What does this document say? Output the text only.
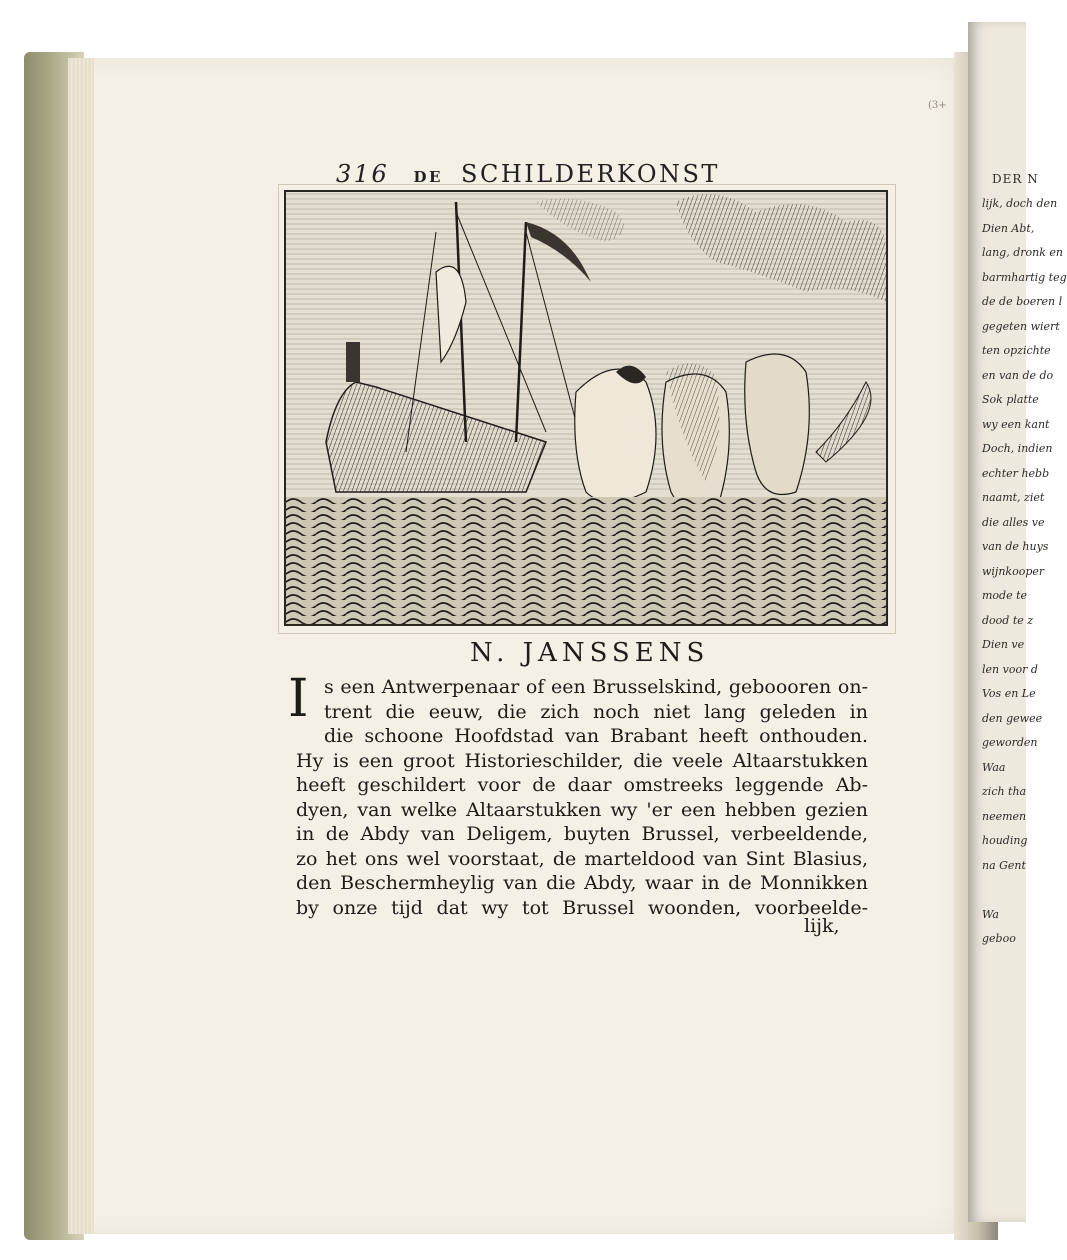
DER N
lijk, doch den
Dien Abt,
lang, dronk en
barmhartig teg
de de boeren l
gegeten wiert
ten opzichte
en van de do
Sok platte
wy een kant
Doch, indien
echter hebb
naamt, ziet
die alles ve
van de huys
wijnkooper
mode te
dood te z
Dien ve
len voor d
Vos en Le
den gewee
geworden
Waa
zich tha
neemen
houding
na Gent
Wa
geboo
(3+
316 DE SCHILDERKONST
N. JANSSENS
I s een Antwerpenaar of een Brusselskind, geboooren on-
trent die eeuw, die zich noch niet lang geleden in
die schoone Hoofdstad van Brabant heeft onthouden.
Hy is een groot Historieschilder, die veele Altaarstukken
heeft geschildert voor de daar omstreeks leggende Ab-
dyen, van welke Altaarstukken wy 'er een hebben gezien
in de Abdy van Deligem, buyten Brussel, verbeeldende,
zo het ons wel voorstaat, de marteldood van Sint Blasius,
den Beschermheylig van die Abdy, waar in de Monnikken
by onze tijd dat wy tot Brussel woonden, voorbeelde-
lijk,
